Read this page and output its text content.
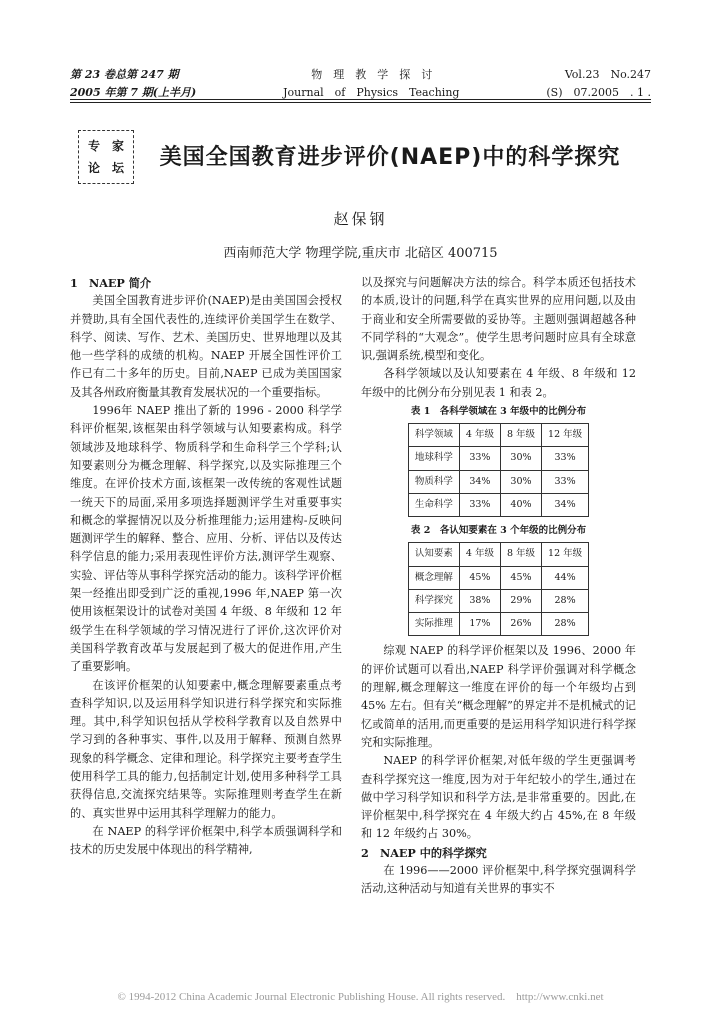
第 23 卷总第 247 期	物　理　教　学　探　讨	Vol.23　No.247
2005 年第 7 期(上半月)	Journal　of　Physics　Teaching	(S)　07.2005　. 1 .
专　家
论　坛	美国全国教育进步评价(NAEP)中的科学探究
赵保钢
西南师范大学 物理学院,重庆市 北碚区 400715

1　NAEP 简介

美国全国教育进步评价(NAEP)是由美国国会授权并赞助,具有全国代表性的,连续评价美国学生在数学、科学、阅读、写作、艺术、美国历史、世界地理以及其他一些学科的成绩的机构。NAEP 开展全国性评价工作已有二十多年的历史。目前,NAEP 已成为美国国家及其各州政府衡量其教育发展状况的一个重要指标。

1996年 NAEP 推出了新的 1996 - 2000 科学学科评价框架,该框架由科学领域与认知要素构成。科学领域涉及地球科学、物质科学和生命科学三个学科;认知要素则分为概念理解、科学探究,以及实际推理三个维度。在评价技术方面,该框架一改传统的客观性试题一统天下的局面,采用多项选择题测评学生对重要事实和概念的掌握情况以及分析推理能力;运用建构-反映问题测评学生的解释、整合、应用、分析、评估以及传达科学信息的能力;采用表现性评价方法,测评学生观察、实验、评估等从事科学探究活动的能力。该科学评价框架一经推出即受到广泛的重视,1996 年,NAEP 第一次使用该框架设计的试卷对美国 4 年级、8 年级和 12 年级学生在科学领域的学习情况进行了评价,这次评价对美国科学教育改革与发展起到了极大的促进作用,产生了重要影响。

在该评价框架的认知要素中,概念理解要素重点考查科学知识,以及运用科学知识进行科学探究和实际推理。其中,科学知识包括从学校科学教育以及自然界中学习到的各种事实、事件,以及用于解释、预测自然界现象的科学概念、定律和理论。科学探究主要考查学生使用科学工具的能力,包括制定计划,使用多种科学工具获得信息,交流探究结果等。实际推理则考查学生在新的、真实世界中运用其科学理解力的能力。

在 NAEP 的科学评价框架中,科学本质强调科学和技术的历史发展中体现出的科学精神,

以及探究与问题解决方法的综合。科学本质还包括技术的本质,设计的问题,科学在真实世界的应用问题,以及由于商业和安全所需要做的妥协等。主题则强调超越各种不同学科的“大观念”。使学生思考问题时应具有全球意识,强调系统,模型和变化。

各科学领域以及认知要素在 4 年级、8 年级和 12 年级中的比例分布分别见表 1 和表 2。

表 1　各科学领域在 3 年级中的比例分布
科学领域	4 年级	8 年级	12 年级
地球科学	33%	30%	33%
物质科学	34%	30%	33%
生命科学	33%	40%	34%
表 2　各认知要素在 3 个年级的比例分布
认知要素	4 年级	8 年级	12 年级
概念理解	45%	45%	44%
科学探究	38%	29%	28%
实际推理	17%	26%	28%

综观 NAEP 的科学评价框架以及 1996、2000 年的评价试题可以看出,NAEP 科学评价强调对科学概念的理解,概念理解这一维度在评价的每一个年级均占到 45% 左右。但有关“概念理解”的界定并不是机械式的记忆或简单的活用,而更重要的是运用科学知识进行科学探究和实际推理。

NAEP 的科学评价框架,对低年级的学生更强调考查科学探究这一维度,因为对于年纪较小的学生,通过在做中学习科学知识和科学方法,是非常重要的。因此,在评价框架中,科学探究在 4 年级大约占 45%,在 8 年级和 12 年级约占 30%。

2　NAEP 中的科学探究

在 1996——2000 评价框架中,科学探究强调科学活动,这种活动与知道有关世界的事实不

© 1994-2012 China Academic Journal Electronic Publishing House. All rights reserved.　http://www.cnki.net
